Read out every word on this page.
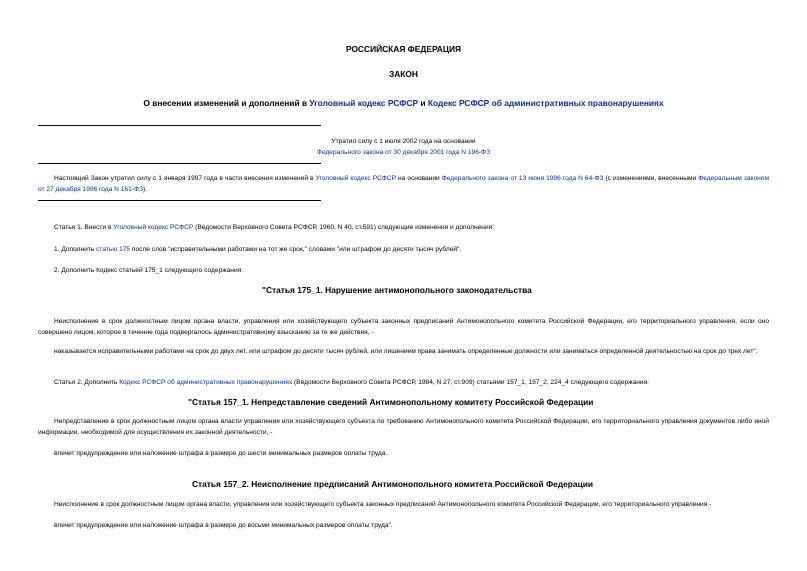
РОССИЙСКАЯ ФЕДЕРАЦИЯ
ЗАКОН
О внесении изменений и дополнений в Уголовный кодекс РСФСР и Кодекс РСФСР об административных правонарушениях
Утратил силу с 1 июля 2002 года на основании
Федерального закона от 30 декабря 2001 года N 196-ФЗ
Настоящий Закон утратил силу с 1 января 1997 года в части внесения изменений в Уголовный кодекс РСФСР на основании Федерального закона от 13 июня 1996 года N 64-ФЗ (с изменениями, внесенными Федеральным законом от 27 декабря 1996 года N 161-ФЗ).
Статья 1. Внести в Уголовный кодекс РСФСР (Ведомости Верховного Совета РСФСР, 1960, N 40, ст.591) следующие изменения и дополнения:
1. Дополнить статью 175 после слов "исправительными работами на тот же срок," словами "или штрафом до десяти тысяч рублей".
2. Дополнить Кодекс статьей 175_1 следующего содержания:
"Статья 175_1. Нарушение антимонопольного законодательства
Неисполнение в срок должностным лицом органа власти, управления или хозяйствующего субъекта законных предписаний Антимонопольного комитета Российской Федерации, его территориального управления, если оно совершено лицом, которое в течение года подвергалось административному взысканию за те же действия, -
наказывается исправительными работами на срок до двух лет, или штрафом до десяти тысяч рублей, или лишением права занимать определенные должности или заниматься определенной деятельностью на срок до трех лет".
Статья 2. Дополнить Кодекс РСФСР об административных правонарушениях (Ведомости Верховного Совета РСФСР, 1984, N 27, ст.909) статьями 157_1, 157_2, 224_4 следующего содержания:
"Статья 157_1. Непредставление сведений Антимонопольному комитету Российской Федерации
Непредставление в срок должностным лицом органа власти управления или хозяйствующего субъекта по требованию Антимонопольного комитета Российской Федерации, его территориального управления документов либо иной информации, необходимой для осуществления их законной деятельности, -
влечет предупреждение или наложение штрафа в размере до шести минимальных размеров оплаты труда.
Статья 157_2. Неисполнение предписаний Антимонопольного комитета Российской Федерации
Неисполнение в срок должностным лицом органа власти, управления или хозяйствующего субъекта законных предписаний Антимонопольного комитета Российской Федерации, его территориального управления -
влечет предупреждение или наложение штрафа в размере до восьми минимальных размеров оплаты труда".
